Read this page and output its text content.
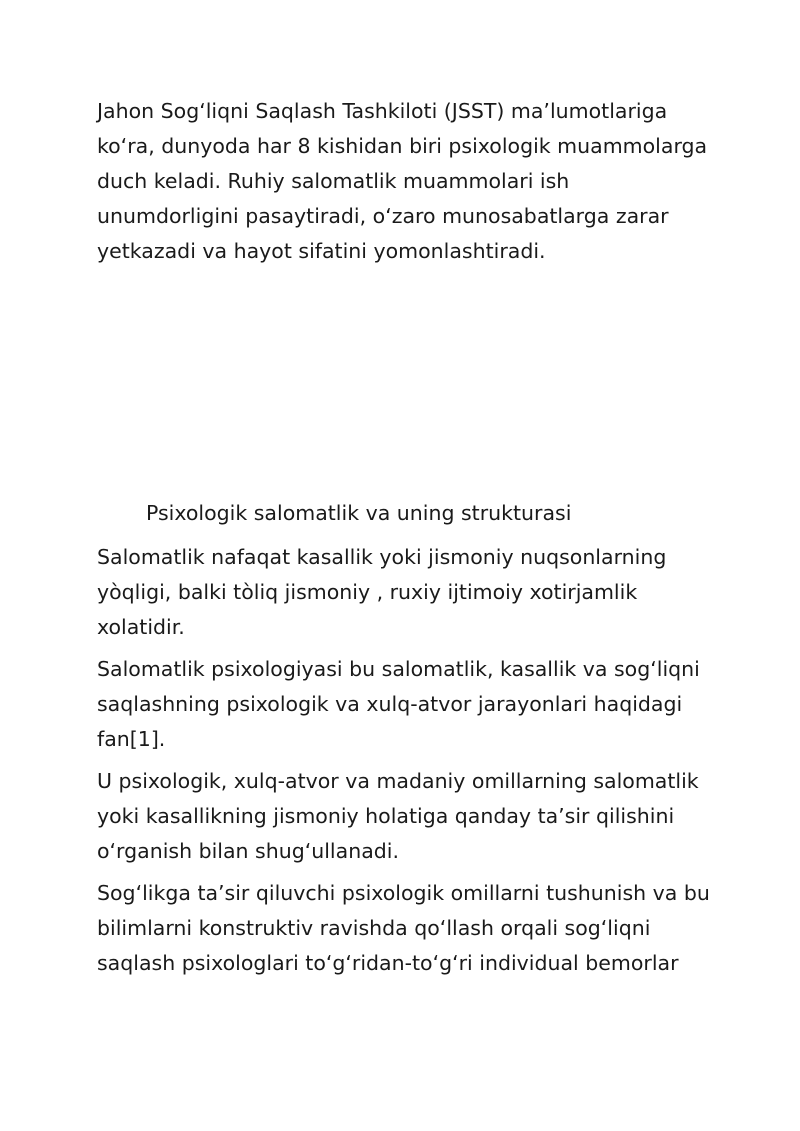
Jahon Sog‘liqni Saqlash Tashkiloti (JSST) ma’lumotlariga
ko‘ra, dunyoda har 8 kishidan biri psixologik muammolarga
duch keladi. Ruhiy salomatlik muammolari ish
unumdorligini pasaytiradi, o‘zaro munosabatlarga zarar
yetkazadi va hayot sifatini yomonlashtiradi.
Psixologik salomatlik va uning strukturasi
Salomatlik nafaqat kasallik yoki jismoniy nuqsonlarning
yòqligi, balki tòliq jismoniy , ruxiy ijtimoiy xotirjamlik
xolatidir.
Salomatlik psixologiyasi bu salomatlik, kasallik va sog‘liqni
saqlashning psixologik va xulq-atvor jarayonlari haqidagi
fan[1].
U psixologik, xulq-atvor va madaniy omillarning salomatlik
yoki kasallikning jismoniy holatiga qanday ta’sir qilishini
o‘rganish bilan shug‘ullanadi.
Sog‘likga ta’sir qiluvchi psixologik omillarni tushunish va bu
bilimlarni konstruktiv ravishda qo‘llash orqali sog‘liqni
saqlash psixologlari to‘g‘ridan-to‘g‘ri individual bemorlar
